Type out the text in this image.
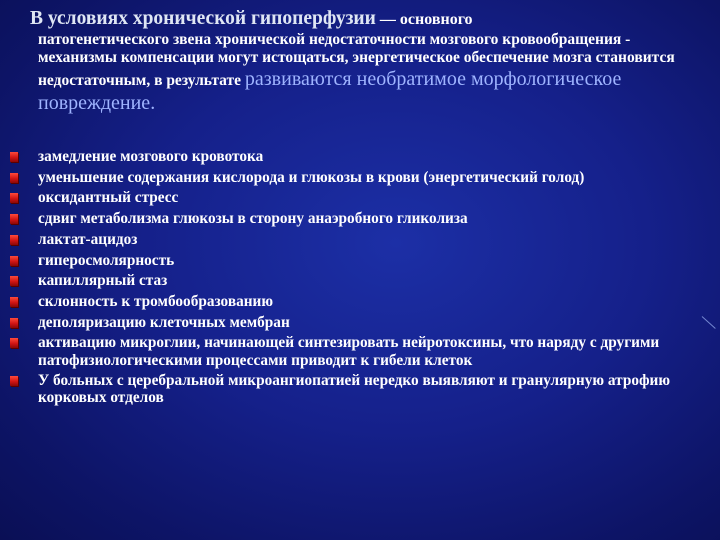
В условиях хронической гипоперфузии — основного
патогенетического звена хронической недостаточности мозгового кровообращения - механизмы компенсации могут истощаться, энергетическое обеспечение мозга становится недостаточным, в результате развиваются необратимое морфологическое повреждение.
замедление мозгового кровотока
уменьшение содержания кислорода и глюкозы в крови (энергетический голод)
оксидантный стресс
сдвиг метаболизма глюкозы в сторону анаэробного гликолиза
лактат-ацидоз
гиперосмолярность
капиллярный стаз
склонность к тромбообразованию
деполяризацию клеточных мембран
активацию микроглии, начинающей синтезировать нейротоксины, что наряду с другими патофизиологическими процессами приводит к гибели клеток
У больных с церебральной микроангиопатией нередко выявляют и гранулярную атрофию корковых отделов
